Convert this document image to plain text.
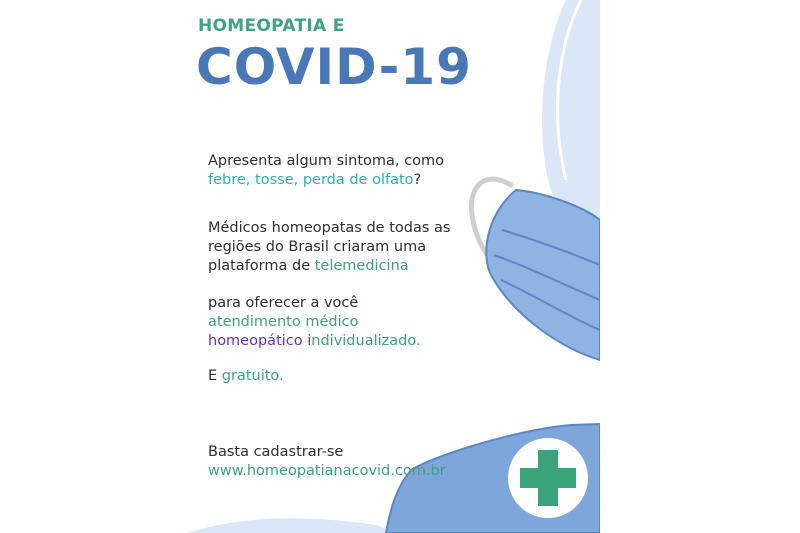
HOMEOPATIA E

COVID-19

Apresenta algum sintoma, como
febre, tosse, perda de olfato?

Médicos homeopatas de todas as
regiões do Brasil criaram uma
plataforma de telemedicina

para oferecer a você
atendimento médico
homeopático individualizado.

E gratuito.

Basta cadastrar-se
www.homeopatianacovid.com.br
